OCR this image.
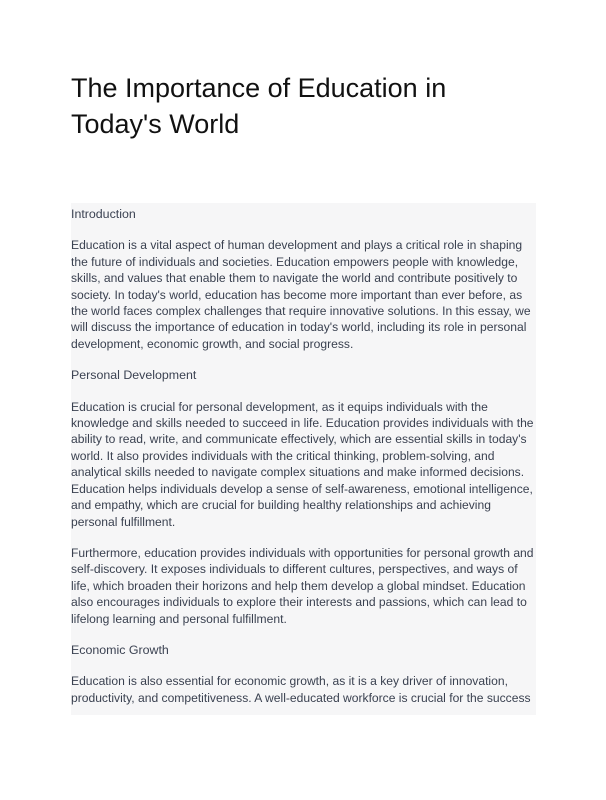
The Importance of Education in Today's World

Introduction

Education is a vital aspect of human development and plays a critical role in shaping the future of individuals and societies. Education empowers people with knowledge, skills, and values that enable them to navigate the world and contribute positively to society. In today's world, education has become more important than ever before, as the world faces complex challenges that require innovative solutions. In this essay, we will discuss the importance of education in today's world, including its role in personal development, economic growth, and social progress.

Personal Development

Education is crucial for personal development, as it equips individuals with the knowledge and skills needed to succeed in life. Education provides individuals with the ability to read, write, and communicate effectively, which are essential skills in today's world. It also provides individuals with the critical thinking, problem-solving, and analytical skills needed to navigate complex situations and make informed decisions. Education helps individuals develop a sense of self-awareness, emotional intelligence, and empathy, which are crucial for building healthy relationships and achieving personal fulfillment.

Furthermore, education provides individuals with opportunities for personal growth and self-discovery. It exposes individuals to different cultures, perspectives, and ways of life, which broaden their horizons and help them develop a global mindset. Education also encourages individuals to explore their interests and passions, which can lead to lifelong learning and personal fulfillment.

Economic Growth

Education is also essential for economic growth, as it is a key driver of innovation, productivity, and competitiveness. A well-educated workforce is crucial for the success
